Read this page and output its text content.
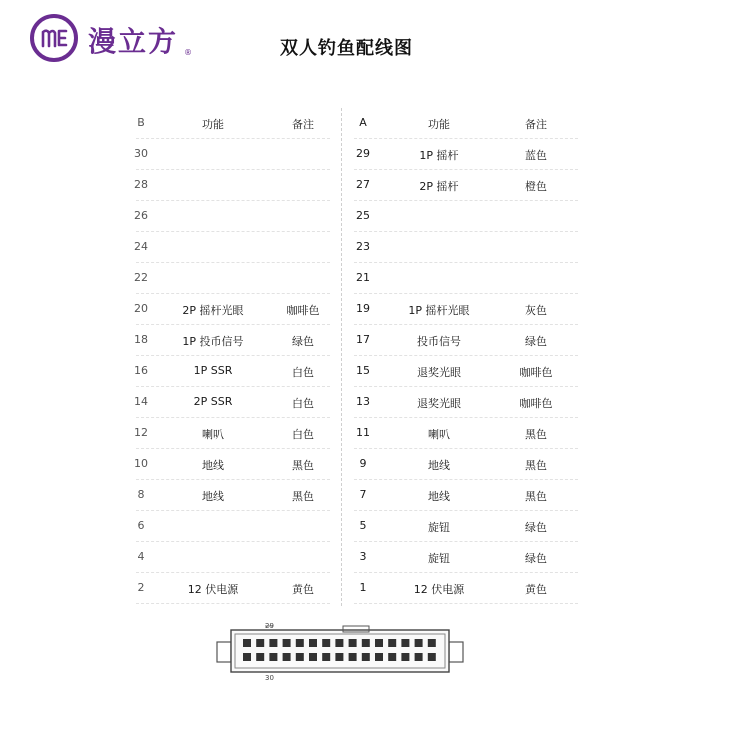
漫立方 ®	双人钓鱼配线图
B	功能	备注
30
28
26
24
22
20	2P 摇杆光眼	咖啡色
18	1P 投币信号	绿色
16	1P SSR	白色
14	2P SSR	白色
12	喇叭	白色
10	地线	黑色
8	地线	黑色
6
4
2	12 伏电源	黄色
A	功能	备注
29	1P 摇杆	蓝色
27	2P 摇杆	橙色
25
23
21
19	1P 摇杆光眼	灰色
17	投币信号	绿色
15	退奖光眼	咖啡色
13	退奖光眼	咖啡色
11	喇叭	黑色
9	地线	黑色
7	地线	黑色
5	旋钮	绿色
3	旋钮	绿色
1	12 伏电源	黄色
29
30
